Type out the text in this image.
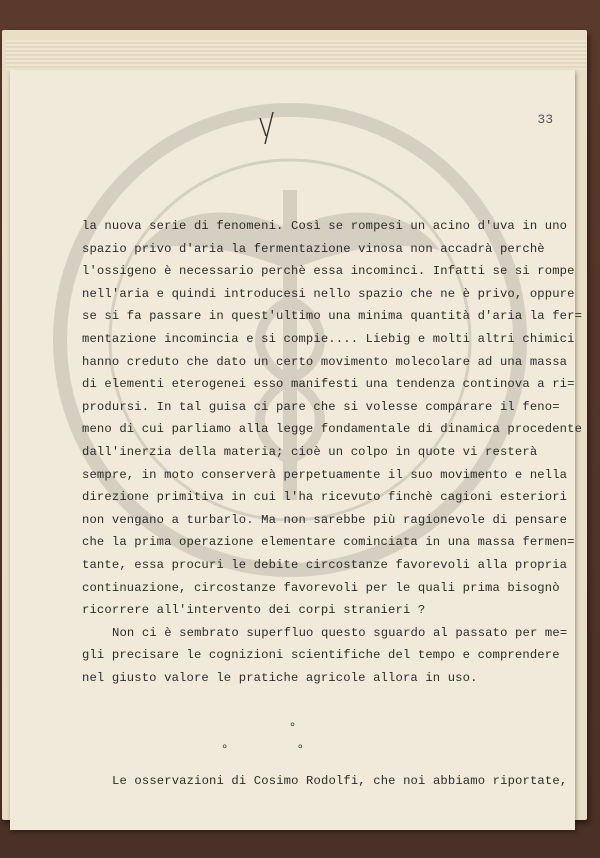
33
la nuova serie di fenomeni. Così se rompesi un acino d'uva in uno
spazio privo d'aria la fermentazione vinosa non accadrà perchè
l'ossigeno è necessario perchè essa incominci. Infatti se si rompe
nell'aria e quindi introducesi nello spazio che ne è privo, oppure
se si fa passare in quest'ultimo una minima quantità d'aria la fer=
mentazione incomincia e si compie.... Liebig e molti altri chimici
hanno creduto che dato un certo movimento molecolare ad una massa
di elementi eterogenei esso manifesti una tendenza continova a ri=
prodursi. In tal guisa ci pare che si volesse comparare il feno=
meno di cui parliamo alla legge fondamentale di dinamica procedente
dall'inerzia della materia; cioè un colpo in quote vi resterà
sempre, in moto conserverà perpetuamente il suo movimento e nella
direzione primitiva in cui l'ha ricevuto finchè cagioni esteriori
non vengano a turbarlo. Ma non sarebbe più ragionevole di pensare
che la prima operazione elementare cominciata in una massa fermen=
tante, essa procuri le debite circostanze favorevoli alla propria
continuazione, circostanze favorevoli per le quali prima bisognò
ricorrere all'intervento dei corpi stranieri ?
Non ci è sembrato superfluo questo sguardo al passato per me=
gli precisare le cognizioni scientifiche del tempo e comprendere
nel giusto valore le pratiche agricole allora in uso.
°
° °
Le osservazioni di Cosimo Rodolfi, che noi abbiamo riportate,
